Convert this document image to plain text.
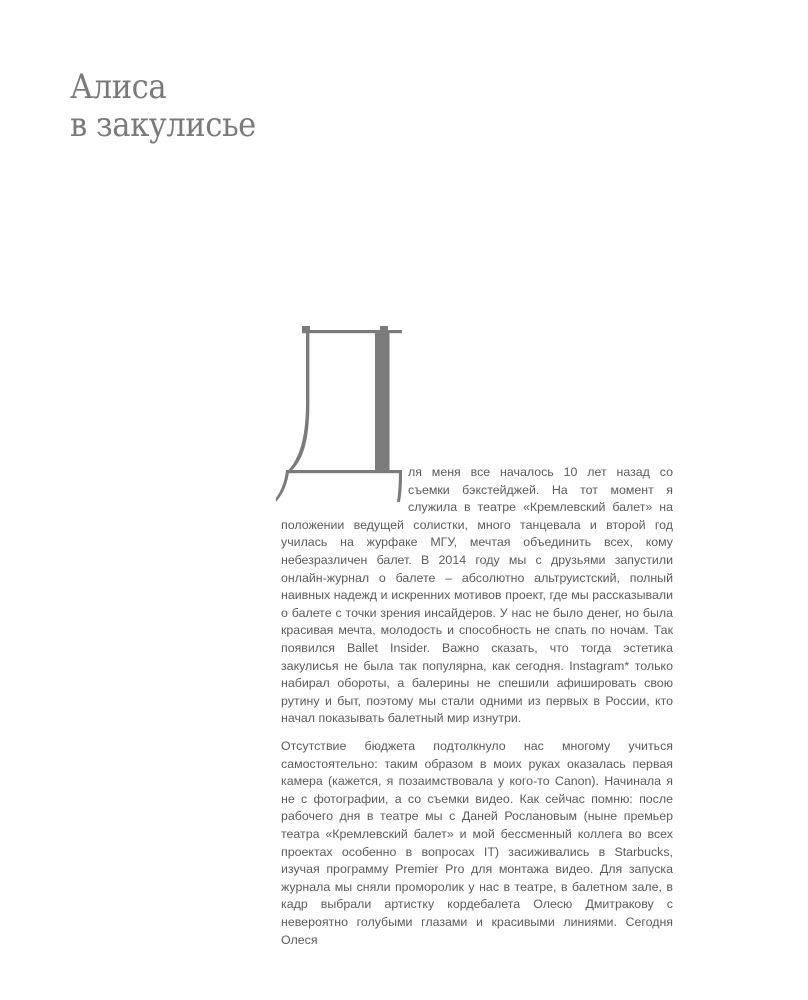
Алиса
в закулисье

ля меня все началось 10 лет назад со съемки бэкстейджей. На тот момент я служила в театре «Кремлевский балет» на положении ведущей солистки, много танцевала и второй год училась на журфаке МГУ, мечтая объединить всех, кому небезразличен балет. В 2014 году мы с друзьями запустили онлайн-журнал о балете – абсолютно альтруистский, полный наивных надежд и искренних мотивов проект, где мы рассказывали о балете с точки зрения инсайдеров. У нас не было денег, но была красивая мечта, молодость и способность не спать по ночам. Так появился Ballet Insider. Важно сказать, что тогда эстетика закулисья не была так популярна, как сегодня. Instagram* только набирал обороты, а балерины не спешили афишировать свою рутину и быт, поэтому мы стали одними из первых в России, кто начал показывать балетный мир изнутри.

Отсутствие бюджета подтолкнуло нас многому учиться самостоятельно: таким образом в моих руках оказалась первая камера (кажется, я позаимствовала у кого-то Canon). Начинала я не с фотографии, а со съемки видео. Как сейчас помню: после рабочего дня в театре мы с Даней Рослановым (ныне премьер театра «Кремлевский балет» и мой бессменный коллега во всех проектах особенно в вопросах IT) засиживались в Starbucks, изучая программу Premier Pro для монтажа видео. Для запуска журнала мы сняли проморолик у нас в театре, в балетном зале, в кадр выбрали артистку кордебалета Олесю Дмитракову с невероятно голубыми глазами и красивыми линиями. Сегодня Олеся
